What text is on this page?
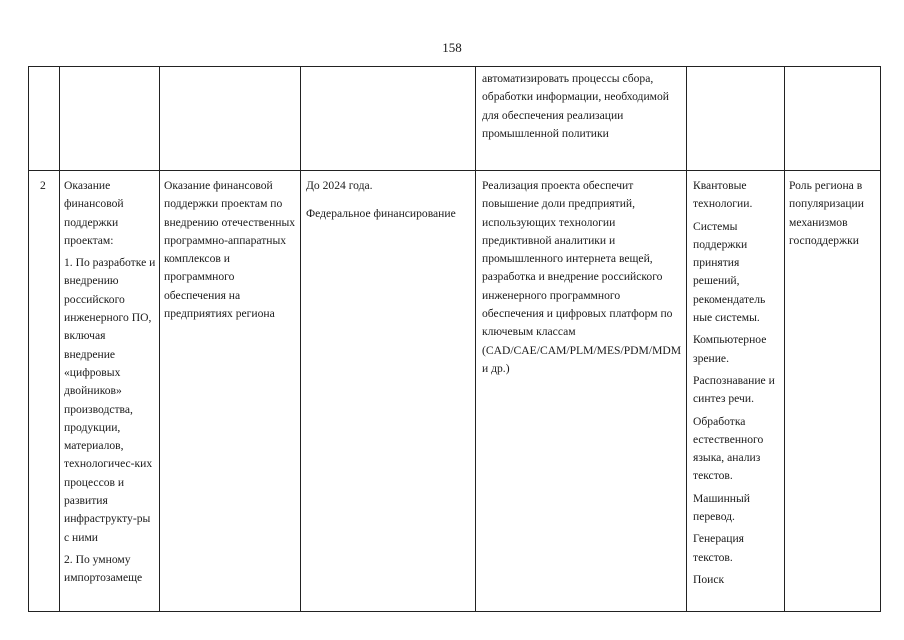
158
автоматизировать процессы сбора, обработки информации, необходимой для обеспечения реализации промышленной политики
2	Оказание финансовой поддержки проектам:

1. По разработке и внедрению российского инженерного ПО, включая внедрение «цифровых двойников» производства, продукции, материалов, технологичес-ких процессов и развития инфраструкту-ры с ними

2. По умному импортозамеще

Оказание финансовой поддержки проектам по внедрению отечественных программно-аппаратных комплексов и программного обеспечения на предприятиях региона

До 2024 года.

Федеральное финансирование

Реализация проекта обеспечит повышение доли предприятий, использующих технологии предиктивной аналитики и промышленного интернета вещей, разработка и внедрение российского инженерного программного обеспечения и цифровых платформ по ключевым классам (CAD/CAE/CAM/PLM/MES/PDM/MDM и др.)

Квантовые технологии.

Системы поддержки принятия решений, рекомендатель ные системы.

Компьютерное зрение.

Распознавание и синтез речи.

Обработка естественного языка, анализ текстов.

Машинный перевод.

Генерация текстов.

Поиск

Роль региона в популяризации механизмов господдержки
